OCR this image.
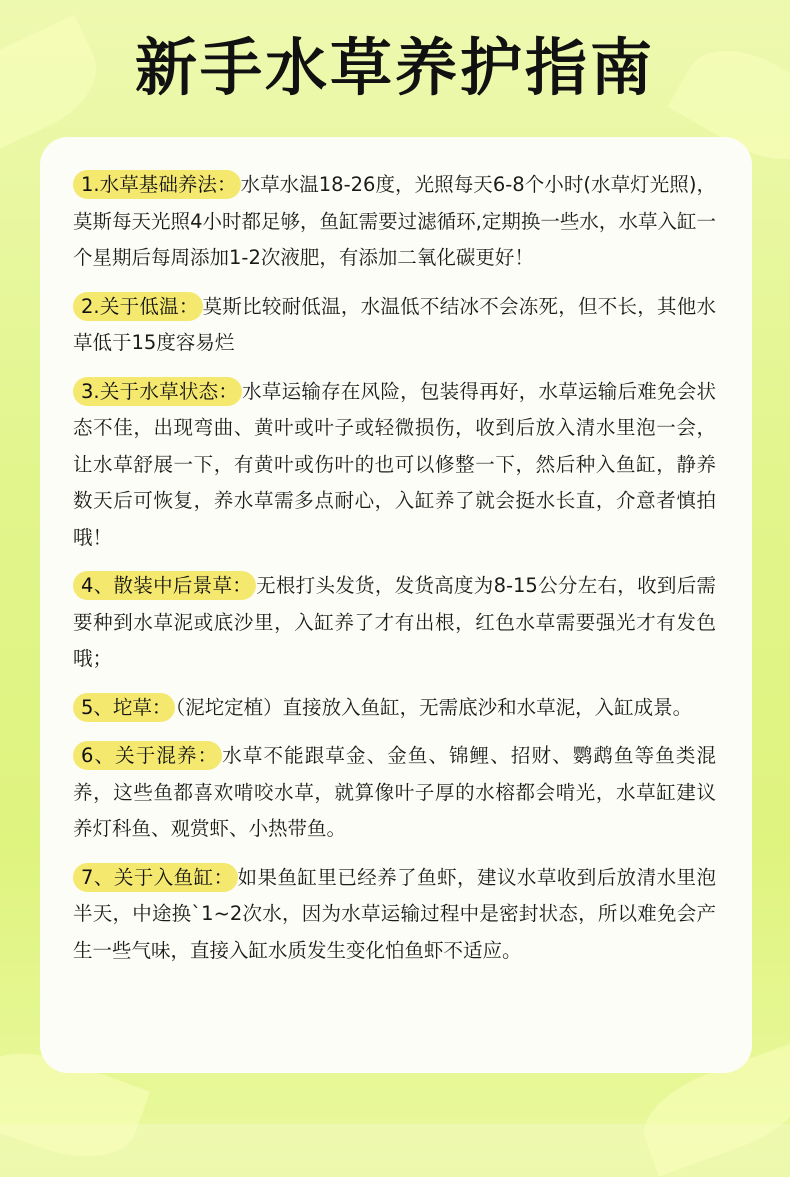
新手水草养护指南

1.水草基础养法： 水草水温18-26度，光照每天6-8个小时(水草灯光照)，莫斯每天光照4小时都足够，鱼缸需要过滤循环,定期换一些水，水草入缸一个星期后每周添加1-2次液肥，有添加二氧化碳更好！

2.关于低温： 莫斯比较耐低温，水温低不结冰不会冻死，但不长，其他水草低于15度容易烂

3.关于水草状态： 水草运输存在风险，包装得再好，水草运输后难免会状态不佳，出现弯曲、黄叶或叶子或轻微损伤，收到后放入清水里泡一会，让水草舒展一下，有黄叶或伤叶的也可以修整一下，然后种入鱼缸，静养数天后可恢复，养水草需多点耐心，入缸养了就会挺水长直，介意者慎拍哦！

4、散装中后景草： 无根打头发货，发货高度为8-15公分左右，收到后需要种到水草泥或底沙里，入缸养了才有出根，红色水草需要强光才有发色哦；

5、坨草： （泥坨定植）直接放入鱼缸，无需底沙和水草泥，入缸成景。

6、关于混养： 水草不能跟草金、金鱼、锦鲤、招财、鹦鹉鱼等鱼类混养，这些鱼都喜欢啃咬水草，就算像叶子厚的水榕都会啃光，水草缸建议养灯科鱼、观赏虾、小热带鱼。

7、关于入鱼缸： 如果鱼缸里已经养了鱼虾，建议水草收到后放清水里泡半天，中途换`1~2次水，因为水草运输过程中是密封状态，所以难免会产生一些气味，直接入缸水质发生变化怕鱼虾不适应。
